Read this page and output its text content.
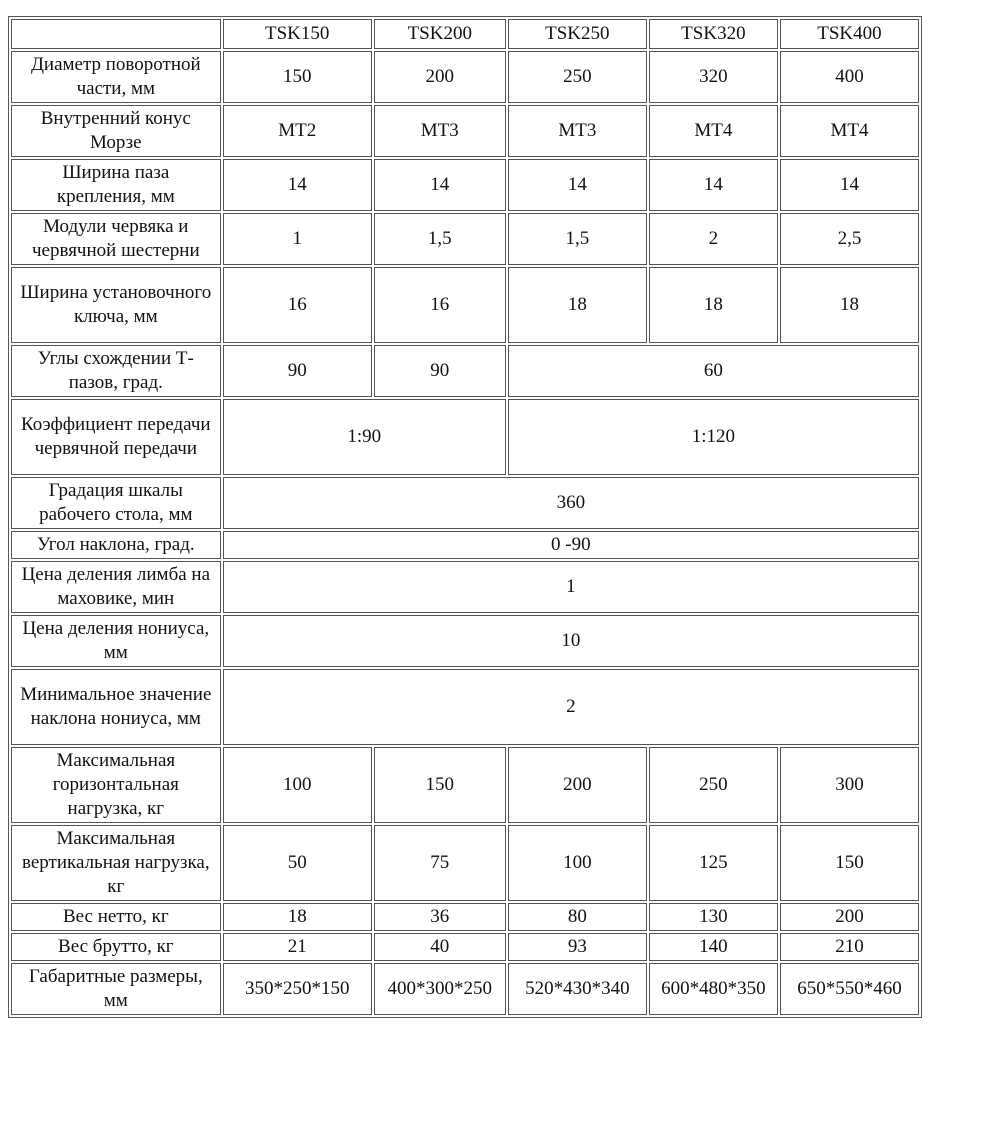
	TSK150	TSK200	TSK250	TSK320	TSK400
Диаметр поворотной части, мм	150	200	250	320	400
Внутренний конус Морзе	МТ2	МТ3	МТ3	МТ4	МТ4
Ширина паза крепления, мм	14	14	14	14	14
Модули червяка и червячной шестерни	1	1,5	1,5	2	2,5
Ширина установочного ключа, мм	16	16	18	18	18
Углы схождении Т-пазов, град.	90	90	60		
Коэффициент передачи червячной передачи	1:90		1:120		
Градация шкалы рабочего стола, мм	360				
Угол наклона, град.	0 -90				
Цена деления лимба на маховике, мин	1				
Цена деления нониуса, мм	10				
Минимальное значение наклона нониуса, мм	2				
Максимальная горизонтальная нагрузка, кг	100	150	200	250	300
Максимальная вертикальная нагрузка, кг	50	75	100	125	150
Вес нетто, кг	18	36	80	130	200
Вес брутто, кг	21	40	93	140	210
Габаритные размеры, мм	350*250*150	400*300*250	520*430*340	600*480*350	650*550*460
